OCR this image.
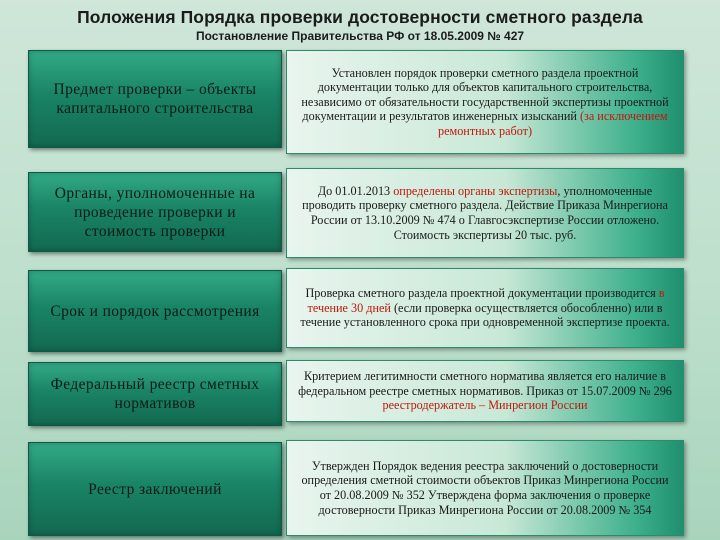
Положения Порядка проверки достоверности сметного раздела
Постановление Правительства РФ от 18.05.2009 № 427
Предмет проверки – объекты капитального строительства

Установлен порядок проверки сметного раздела проектной документации только для объектов капитального строительства, независимо от обязательности государственной экспертизы проектной документации и результатов инженерных изысканий (за исключением ремонтных работ)

Органы, уполномоченные на проведение проверки и стоимость проверки

До 01.01.2013 определены органы экспертизы, уполномоченные проводить проверку сметного раздела. Действие Приказа Минрегиона России от 13.10.2009 № 474 о Главгосэкспертизе России отложено. Стоимость экспертизы 20 тыс. руб.

Срок и порядок рассмотрения

Проверка сметного раздела проектной документации производится в течение 30 дней (если проверка осуществляется обособленно) или в течение установленного срока при одновременной экспертизе проекта.

Федеральный реестр сметных нормативов

Критерием легитимности сметного норматива является его наличие в федеральном реестре сметных нормативов. Приказ от 15.07.2009 № 296 реестродержатель – Минрегион России

Реестр заключений

Утвержден Порядок ведения реестра заключений о достоверности определения сметной стоимости объектов Приказ Минрегиона России от 20.08.2009 № 352 Утверждена форма заключения о проверке достоверности Приказ Минрегиона России от 20.08.2009 № 354
